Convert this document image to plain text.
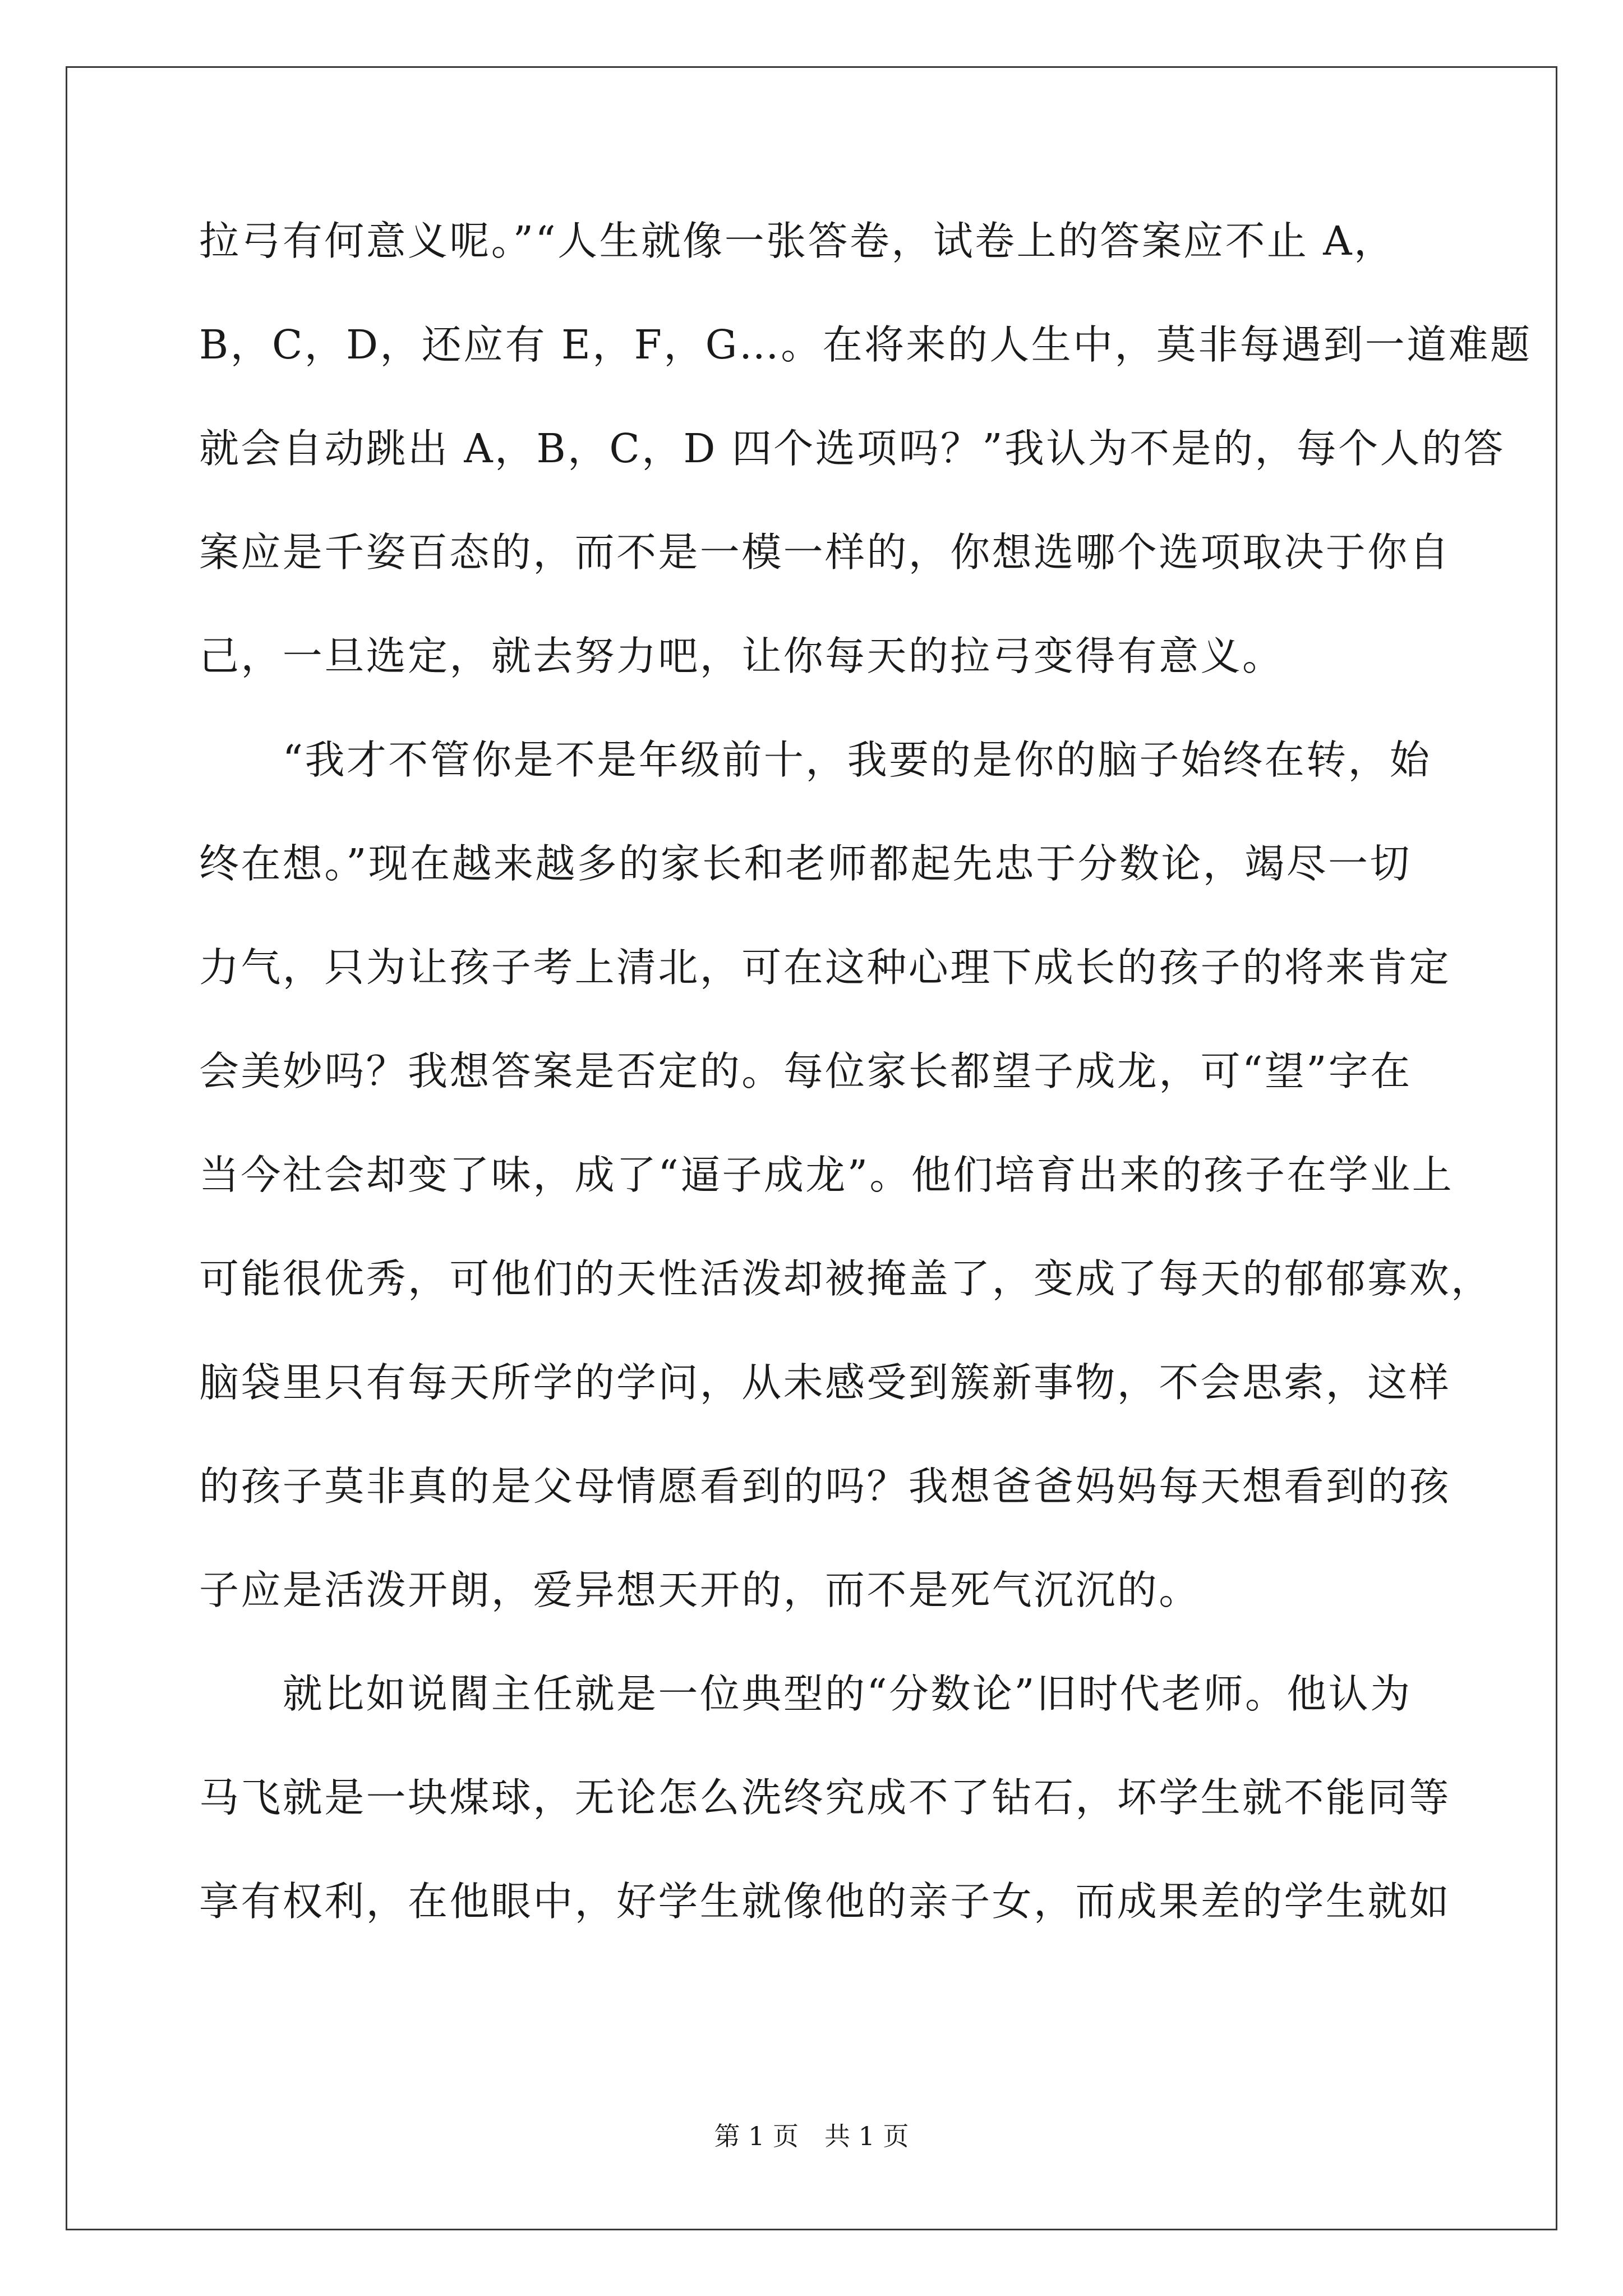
拉弓有何意义呢。”“人生就像一张答卷，试卷上的答案应不止 A，
B，C，D，还应有 E，F，G…。在将来的人生中，莫非每遇到一道难题
就会自动跳出 A，B，C，D 四个选项吗？”我认为不是的，每个人的答
案应是千姿百态的，而不是一模一样的，你想选哪个选项取决于你自
己，一旦选定，就去努力吧，让你每天的拉弓变得有意义。
　　“我才不管你是不是年级前十，我要的是你的脑子始终在转，始
终在想。”现在越来越多的家长和老师都起先忠于分数论，竭尽一切
力气，只为让孩子考上清北，可在这种心理下成长的孩子的将来肯定
会美妙吗？我想答案是否定的。每位家长都望子成龙，可“望”字在
当今社会却变了味，成了“逼子成龙”。他们培育出来的孩子在学业上
可能很优秀，可他们的天性活泼却被掩盖了，变成了每天的郁郁寡欢，
脑袋里只有每天所学的学问，从未感受到簇新事物，不会思索，这样
的孩子莫非真的是父母情愿看到的吗？我想爸爸妈妈每天想看到的孩
子应是活泼开朗，爱异想天开的，而不是死气沉沉的。
　　就比如说閻主任就是一位典型的“分数论”旧时代老师。他认为
马飞就是一块煤球，无论怎么洗终究成不了钻石，坏学生就不能同等
享有权利，在他眼中，好学生就像他的亲子女，而成果差的学生就如
第 1 页　共 1 页
